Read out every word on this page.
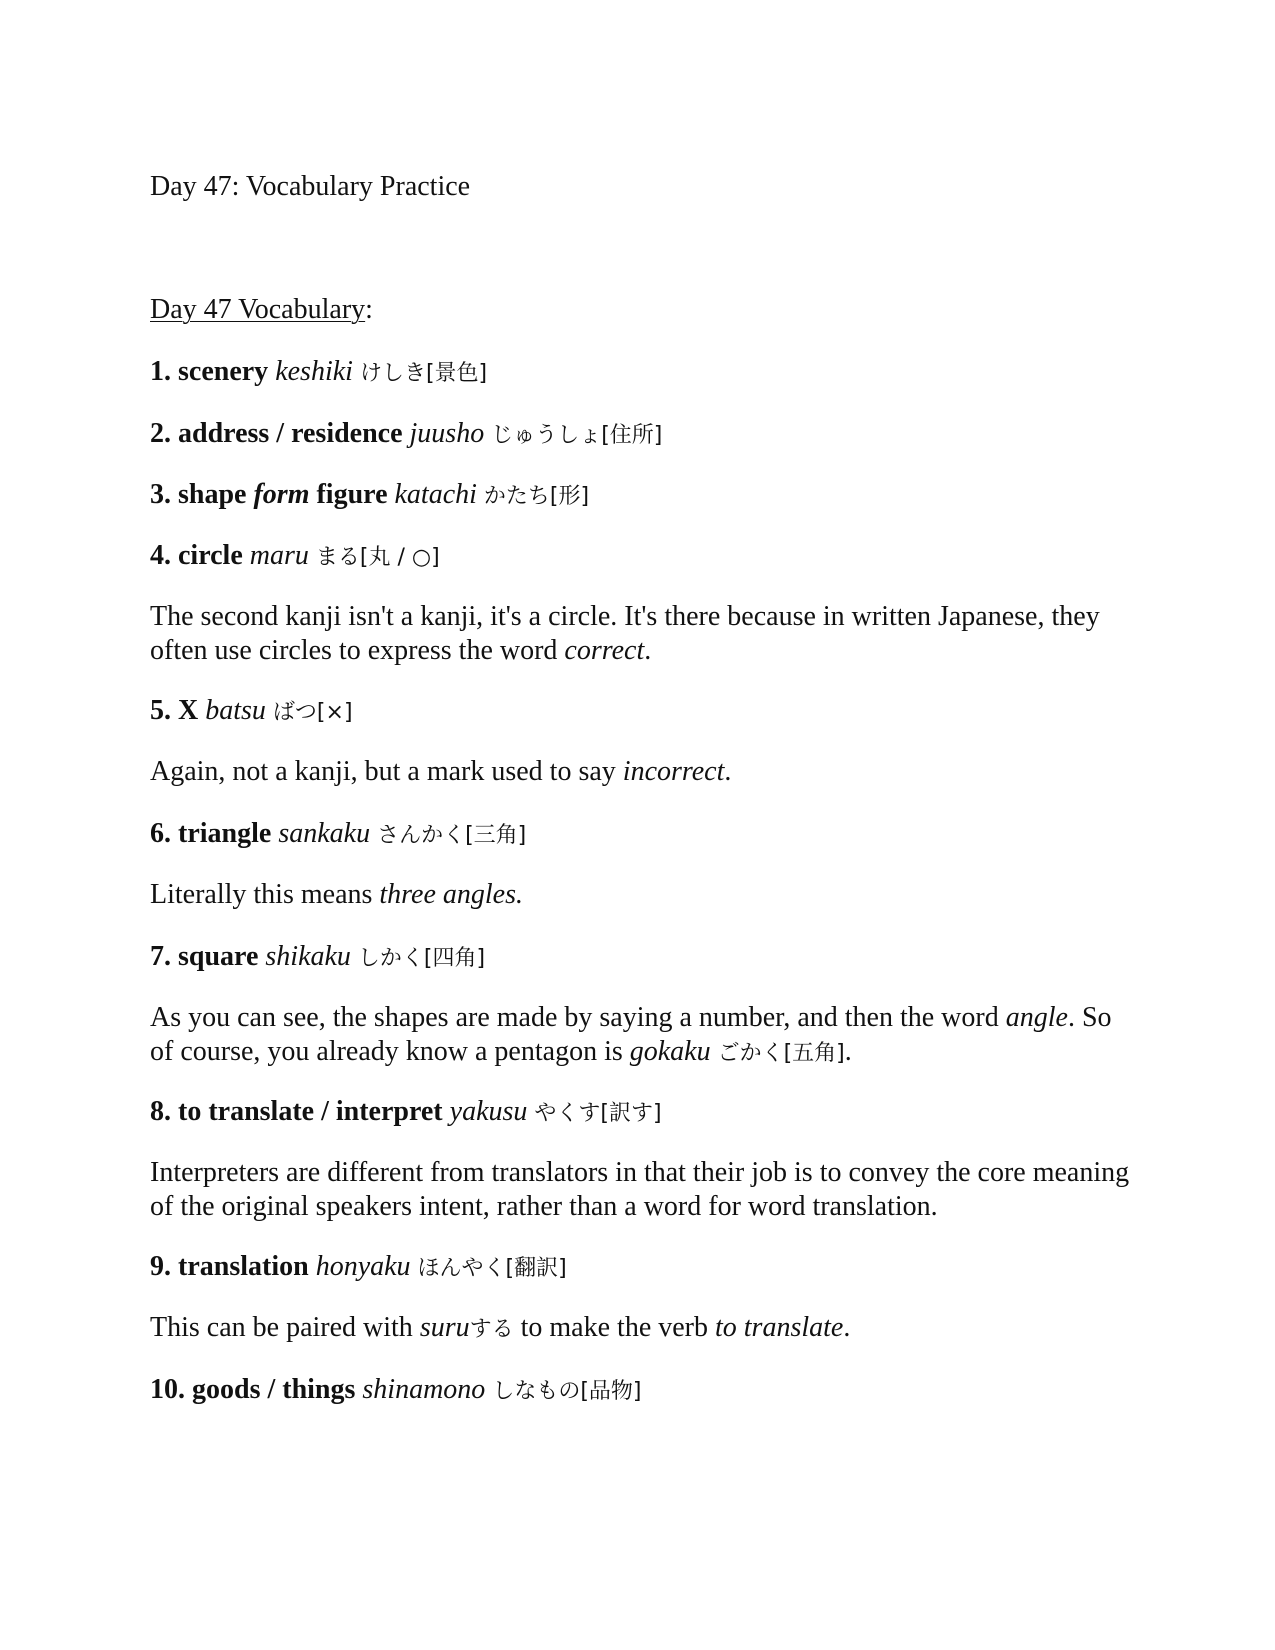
Day 47: Vocabulary Practice
Day 47 Vocabulary:
1. scenery keshiki けしき[景色]
2. address / residence juusho じゅうしょ[住所]
3. shape form figure katachi かたち[形]
4. circle maru まる[丸 / ○]
The second kanji isn't a kanji, it's a circle. It's there because in written Japanese, they often use circles to express the word correct.
5. X batsu ばつ[×]
Again, not a kanji, but a mark used to say incorrect.
6. triangle sankaku さんかく[三角]
Literally this means three angles.
7. square shikaku しかく[四角]
As you can see, the shapes are made by saying a number, and then the word angle. So of course, you already know a pentagon is gokaku ごかく[五角].
8. to translate / interpret yakusu やくす[訳す]
Interpreters are different from translators in that their job is to convey the core meaning of the original speakers intent, rather than a word for word translation.
9. translation honyaku ほんやく[翻訳]
This can be paired with suruする to make the verb to translate.
10. goods / things shinamono しなもの[品物]
